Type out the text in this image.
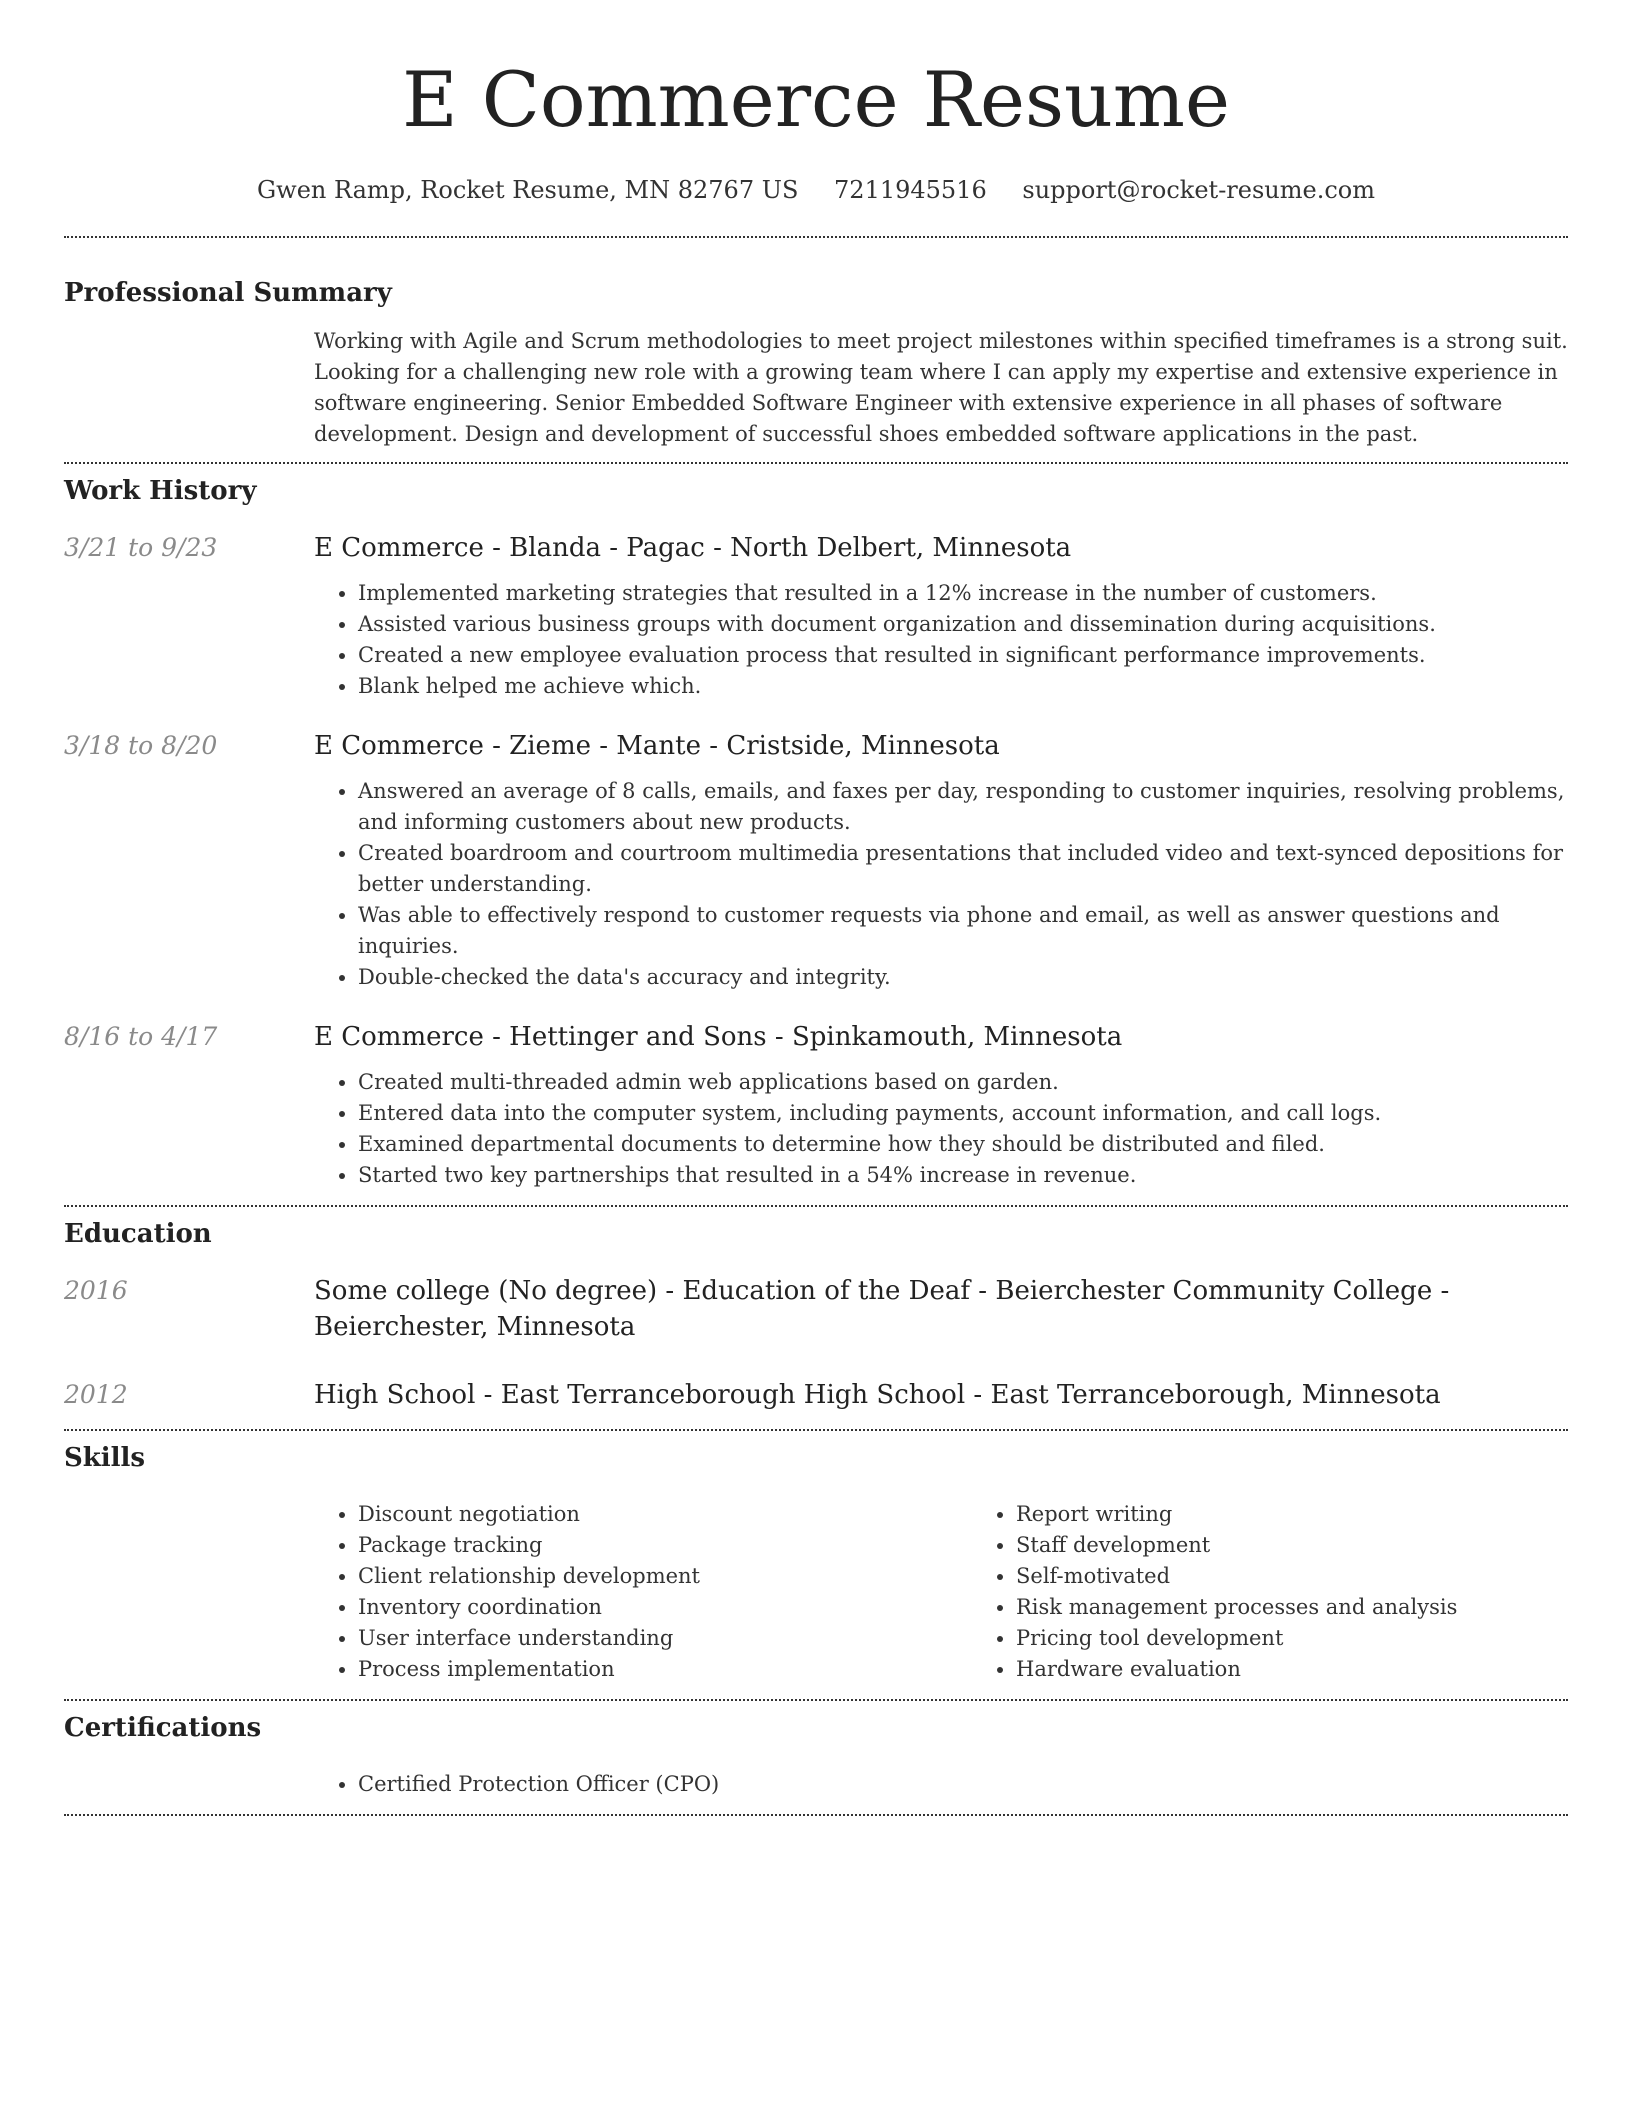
E Commerce Resume
Gwen Ramp, Rocket Resume, MN 82767 US 7211945516 support@rocket-resume.com
Professional Summary
Working with Agile and Scrum methodologies to meet project milestones within specified timeframes is a strong suit. Looking for a challenging new role with a growing team where I can apply my expertise and extensive experience in software engineering. Senior Embedded Software Engineer with extensive experience in all phases of software development. Design and development of successful shoes embedded software applications in the past.
Work History
3/21 to 9/23	E Commerce - Blanda - Pagac - North Delbert, Minnesota
• Implemented marketing strategies that resulted in a 12% increase in the number of customers.
• Assisted various business groups with document organization and dissemination during acquisitions.
• Created a new employee evaluation process that resulted in significant performance improvements.
• Blank helped me achieve which.
3/18 to 8/20	E Commerce - Zieme - Mante - Cristside, Minnesota
• Answered an average of 8 calls, emails, and faxes per day, responding to customer inquiries, resolving problems, and informing customers about new products.
• Created boardroom and courtroom multimedia presentations that included video and text-synced depositions for better understanding.
• Was able to effectively respond to customer requests via phone and email, as well as answer questions and inquiries.
• Double-checked the data's accuracy and integrity.
8/16 to 4/17	E Commerce - Hettinger and Sons - Spinkamouth, Minnesota
• Created multi-threaded admin web applications based on garden.
• Entered data into the computer system, including payments, account information, and call logs.
• Examined departmental documents to determine how they should be distributed and filed.
• Started two key partnerships that resulted in a 54% increase in revenue.
Education
2016	Some college (No degree) - Education of the Deaf - Beierchester Community College - Beierchester, Minnesota
2012	High School - East Terranceborough High School - East Terranceborough, Minnesota
Skills
• Discount negotiation
• Package tracking
• Client relationship development
• Inventory coordination
• User interface understanding
• Process implementation
• Report writing
• Staff development
• Self-motivated
• Risk management processes and analysis
• Pricing tool development
• Hardware evaluation
Certifications
• Certified Protection Officer (CPO)
